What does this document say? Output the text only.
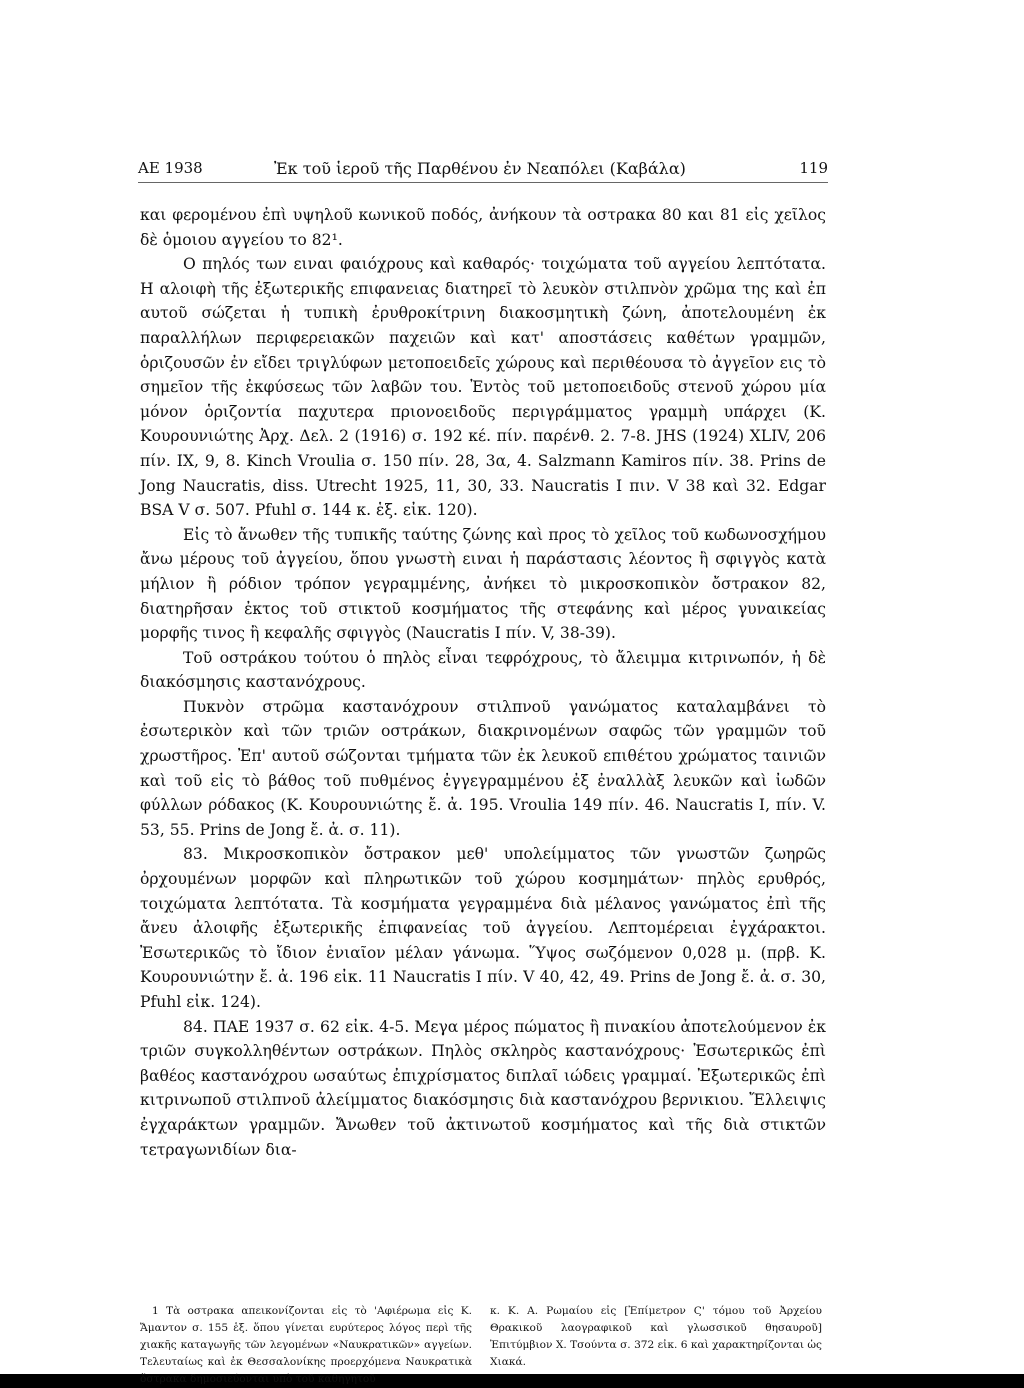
ΑΕ 1938	Ἐκ τοῦ ἱεροῦ τῆς Παρθένου ἐν Νεαπόλει (Καβάλα)	119

και φερομένου ἐπὶ υψηλοῦ κωνικοῦ ποδός, ἀνήκουν τὰ οστρακα 80 και 81 εἰς χεῖλος δὲ ὁμοιου αγγείου το 82¹.

Ο πηλός των ειναι φαιόχρους καὶ καθαρός· τοιχώματα τοῦ αγγείου λεπτότατα. Η αλοιφὴ τῆς ἐξωτερικῆς επιφανειας διατηρεῖ τὸ λευκὸν στιλπνὸν χρῶμα της καὶ ἐπ αυτοῦ σώζεται ἡ τυπικὴ ἐρυθροκίτρινη διακοσμητικὴ ζώνη, ἀποτελουμένη ἐκ παραλλήλων περιφερειακῶν παχειῶν καὶ κατ' αποστάσεις καθέτων γραμμῶν, ὁριζουσῶν ἐν εἴδει τριγλύφων μετοποειδεῖς χώρους καὶ περιθέουσα τὸ ἀγγεῖον εις τὸ σημεῖον τῆς ἐκφύσεως τῶν λαβῶν του. Ἐντὸς τοῦ μετοποειδοῦς στενοῦ χώρου μία μόνον ὁριζοντία παχυτερα πριονοειδοῦς περιγράμματος γραμμὴ υπάρχει (Κ. Κουρουνιώτης Ἀρχ. Δελ. 2 (1916) σ. 192 κέ. πίν. παρένθ. 2. 7-8. JHS (1924) XLIV, 206 πίν. IX, 9, 8. Kinch Vroulia σ. 150 πίν. 28, 3α, 4. Salzmann Kamiros πίν. 38. Prins de Jong Naucratis, diss. Utrecht 1925, 11, 30, 33. Naucratis I πιν. V 38 καὶ 32. Edgar BSA V σ. 507. Pfuhl σ. 144 κ. ἑξ. εἰκ. 120).

Εἰς τὸ ἄνωθεν τῆς τυπικῆς ταύτης ζώνης καὶ προς τὸ χεῖλος τοῦ κωδωνοσχήμου ἄνω μέρους τοῦ ἀγγείου, ὅπου γνωστὴ ειναι ἡ παράστασις λέοντος ἢ σφιγγὸς κατὰ μήλιον ἢ ρόδιον τρόπον γεγραμμένης, ἀνήκει τὸ μικροσκοπικὸν ὄστρακον 82, διατηρῆσαν ἐκτος τοῦ στικτοῦ κοσμήματος τῆς στεφάνης καὶ μέρος γυναικείας μορφῆς τινος ἢ κεφαλῆς σφιγγὸς (Naucratis I πίν. V, 38-39).

Τοῦ οστράκου τούτου ὁ πηλὸς εἶναι τεφρόχρους, τὸ ἄλειμμα κιτρινωπόν, ἡ δὲ διακόσμησις καστανόχρους.

Πυκνὸν στρῶμα καστανόχρουν στιλπνοῦ γανώματος καταλαμβάνει τὸ ἐσωτερικὸν καὶ τῶν τριῶν οστράκων, διακρινομένων σαφῶς τῶν γραμμῶν τοῦ χρωστῆρος. Ἐπ' αυτοῦ σώζονται τμήματα τῶν ἐκ λευκοῦ επιθέτου χρώματος ταινιῶν καὶ τοῦ εἰς τὸ βάθος τοῦ πυθμένος ἐγγεγραμμένου ἐξ ἐναλλὰξ λευκῶν καὶ ἰωδῶν φύλλων ρόδακος (Κ. Κουρουνιώτης ἔ. ἀ. 195. Vroulia 149 πίν. 46. Naucratis I, πίν. V. 53, 55. Prins de Jong ἔ. ἀ. σ. 11).

83. Μικροσκοπικὸν ὄστρακον μεθ' υπολείμματος τῶν γνωστῶν ζωηρῶς ὀρχουμένων μορφῶν καὶ πληρωτικῶν τοῦ χώρου κοσμημάτων· πηλὸς ερυθρός, τοιχώματα λεπτότατα. Τὰ κοσμήματα γεγραμμένα διὰ μέλανος γανώματος ἐπὶ τῆς ἄνευ ἀλοιφῆς ἐξωτερικῆς ἐπιφανείας τοῦ ἀγγείου. Λεπτομέρειαι ἐγχάρακτοι. Ἐσωτερικῶς τὸ ἴδιον ἑνιαῖον μέλαν γάνωμα. Ὕψος σωζόμενον 0,028 μ. (πρβ. Κ. Κουρουνιώτην ἔ. ἀ. 196 εἰκ. 11 Naucratis I πίν. V 40, 42, 49. Prins de Jong ἔ. ἀ. σ. 30, Pfuhl εἰκ. 124).

84. ΠΑΕ 1937 σ. 62 εἰκ. 4-5. Μεγα μέρος πώματος ἢ πινακίου ἀποτελούμενον ἐκ τριῶν συγκολληθέντων οστράκων. Πηλὸς σκληρὸς καστανόχρους· Ἐσωτερικῶς ἐπὶ βαθέος καστανόχρου ωσαύτως ἐπιχρίσματος διπλαῖ ιώδεις γραμμαί. Ἐξωτερικῶς ἐπὶ κιτρινωποῦ στιλπνοῦ ἀλείμματος διακόσμησις διὰ καστανόχρου βερνικιου. Ἔλλειψις ἐγχαράκτων γραμμῶν. Ἄνωθεν τοῦ ἀκτινωτοῦ κοσμήματος καὶ τῆς διὰ στικτῶν τετραγωνιδίων δια-

1 Τὰ οστρακα απεικονίζονται εἰς τὸ 'Αφιέρωμα εἰς Κ. Ἄμαντον σ. 155 ἑξ. ὅπου γίνεται ευρύτερος λόγος περὶ τῆς χιακῆς καταγωγῆς τῶν λεγομένων «Ναυκρατικῶν» αγγείων. Τελευταίως καὶ ἐκ Θεσσαλονίκης προερχόμενα Ναυκρατικὰ ὄστρακα δημοσιεύονται υπὸ τοῦ καθηγητοῦ
κ. Κ. Α. Ρωμαίου εἰς [Ἐπίμετρον Ϛ' τόμου τοῦ Ἀρχείου Θρακικοῦ λαογραφικοῦ καὶ γλωσσικοῦ θησαυροῦ] Ἐπιτύμβιον Χ. Τσούντα σ. 372 εἰκ. 6 καὶ χαρακτηρίζονται ὡς Χιακά.
